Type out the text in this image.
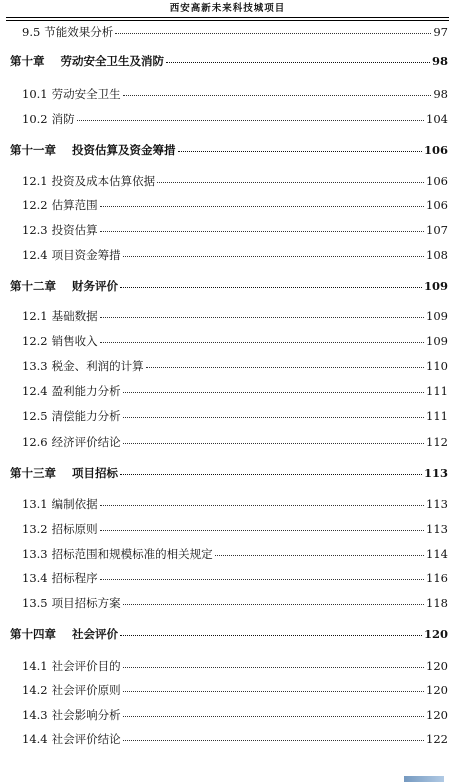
西安高新未来科技城项目
9.5 节能效果分析	97
第十章 劳动安全卫生及消防	98
10.1 劳动安全卫生	98
10.2 消防	104
第十一章 投资估算及资金筹措	106
12.1 投资及成本估算依据	106
12.2 估算范围	106
12.3 投资估算	107
12.4 项目资金筹措	108
第十二章 财务评价	109
12.1 基础数据	109
12.2 销售收入	109
13.3 税金、利润的计算	110
12.4 盈利能力分析	111
12.5 清偿能力分析	111
12.6 经济评价结论	112
第十三章 项目招标	113
13.1 编制依据	113
13.2 招标原则	113
13.3 招标范围和规模标准的相关规定	114
13.4 招标程序	116
13.5 项目招标方案	118
第十四章 社会评价	120
14.1 社会评价目的	120
14.2 社会评价原则	120
14.3 社会影响分析	120
14.4 社会评价结论	122
